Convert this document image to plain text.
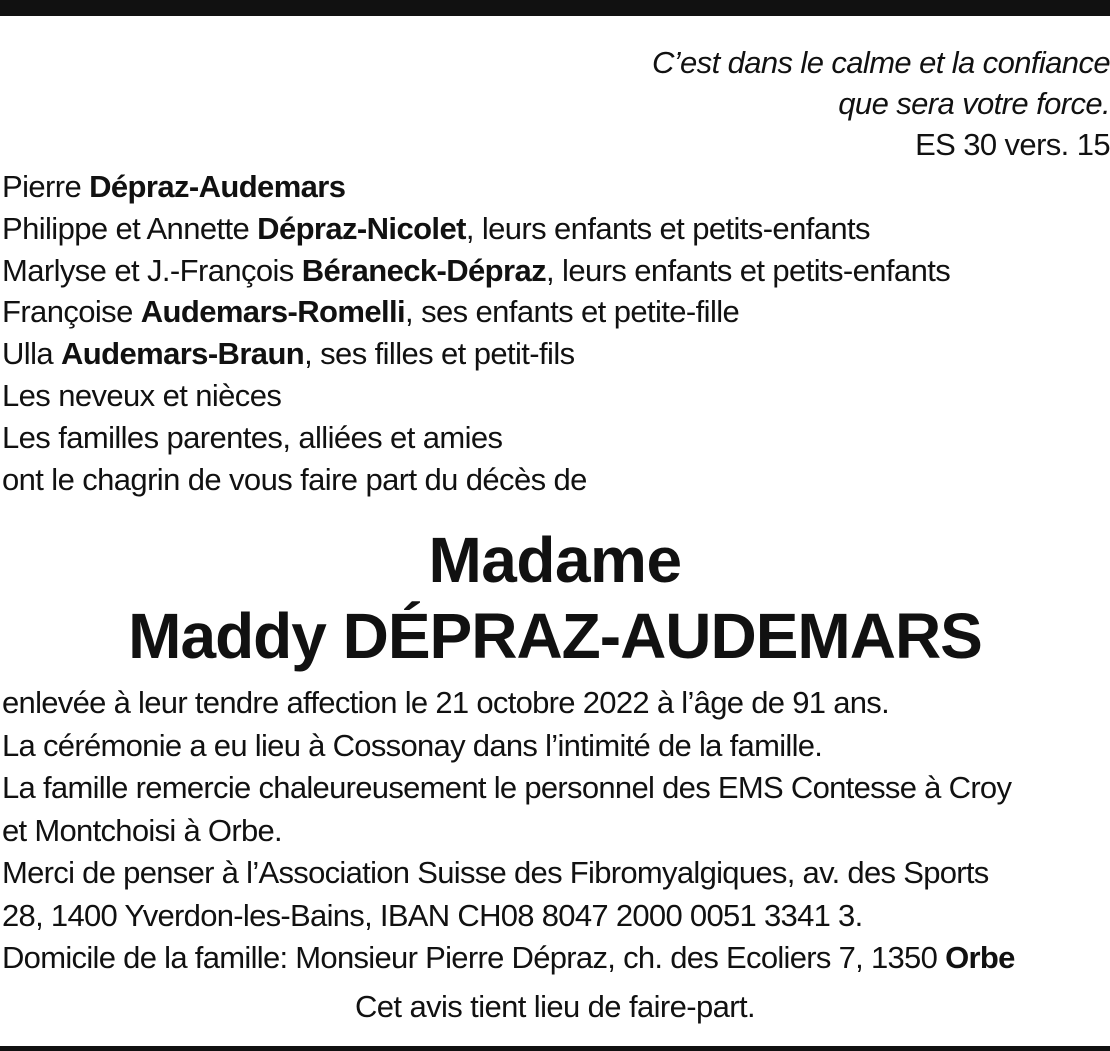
C’est dans le calme et la confiance
que sera votre force.
ES 30 vers. 15
Pierre Dépraz-Audemars
Philippe et Annette Dépraz-Nicolet, leurs enfants et petits-enfants
Marlyse et J.-François Béraneck-Dépraz, leurs enfants et petits-enfants
Françoise Audemars-Romelli, ses enfants et petite-fille
Ulla Audemars-Braun, ses filles et petit-fils
Les neveux et nièces
Les familles parentes, alliées et amies
ont le chagrin de vous faire part du décès de
Madame
Maddy DÉPRAZ-AUDEMARS
enlevée à leur tendre affection le 21 octobre 2022 à l’âge de 91 ans.
La cérémonie a eu lieu à Cossonay dans l’intimité de la famille.
La famille remercie chaleureusement le personnel des EMS Contesse à Croy
et Montchoisi à Orbe.
Merci de penser à l’Association Suisse des Fibromyalgiques, av. des Sports
28, 1400 Yverdon-les-Bains, IBAN CH08 8047 2000 0051 3341 3.
Domicile de la famille: Monsieur Pierre Dépraz, ch. des Ecoliers 7, 1350 Orbe
Cet avis tient lieu de faire-part.
